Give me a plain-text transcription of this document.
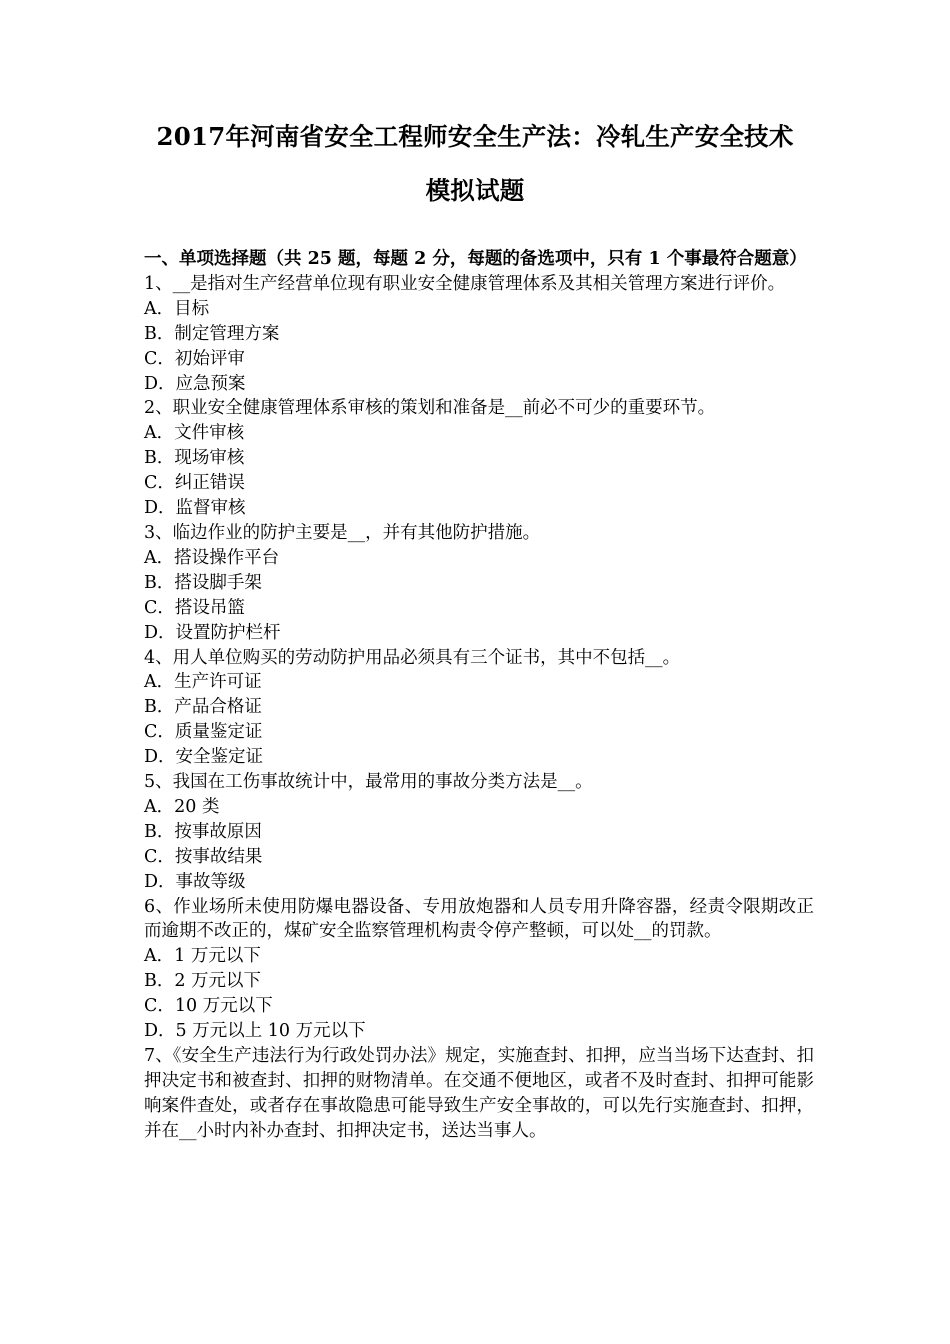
2017年河南省安全工程师安全生产法：冷轧生产安全技术
模拟试题

一、单项选择题（共 25 题，每题 2 分，每题的备选项中，只有 1 个事最符合题意）

1、__是指对生产经营单位现有职业安全健康管理体系及其相关管理方案进行评价。

A．目标

B．制定管理方案

C．初始评审

D．应急预案

2、职业安全健康管理体系审核的策划和准备是__前必不可少的重要环节。

A．文件审核

B．现场审核

C．纠正错误

D．监督审核

3、临边作业的防护主要是__，并有其他防护措施。

A．搭设操作平台

B．搭设脚手架

C．搭设吊篮

D．设置防护栏杆

4、用人单位购买的劳动防护用品必须具有三个证书，其中不包括__。

A．生产许可证

B．产品合格证

C．质量鉴定证

D．安全鉴定证

5、我国在工伤事故统计中，最常用的事故分类方法是__。

A．20 类

B．按事故原因

C．按事故结果

D．事故等级

6、作业场所未使用防爆电器设备、专用放炮器和人员专用升降容器，经责令限期改正而逾期不改正的，煤矿安全监察管理机构责令停产整顿，可以处__的罚款。

A．1 万元以下

B．2 万元以下

C．10 万元以下

D．5 万元以上 10 万元以下

7、《安全生产违法行为行政处罚办法》规定，实施查封、扣押，应当当场下达查封、扣押决定书和被查封、扣押的财物清单。在交通不便地区，或者不及时查封、扣押可能影响案件查处，或者存在事故隐患可能导致生产安全事故的，可以先行实施查封、扣押，并在__小时内补办查封、扣押决定书，送达当事人。
